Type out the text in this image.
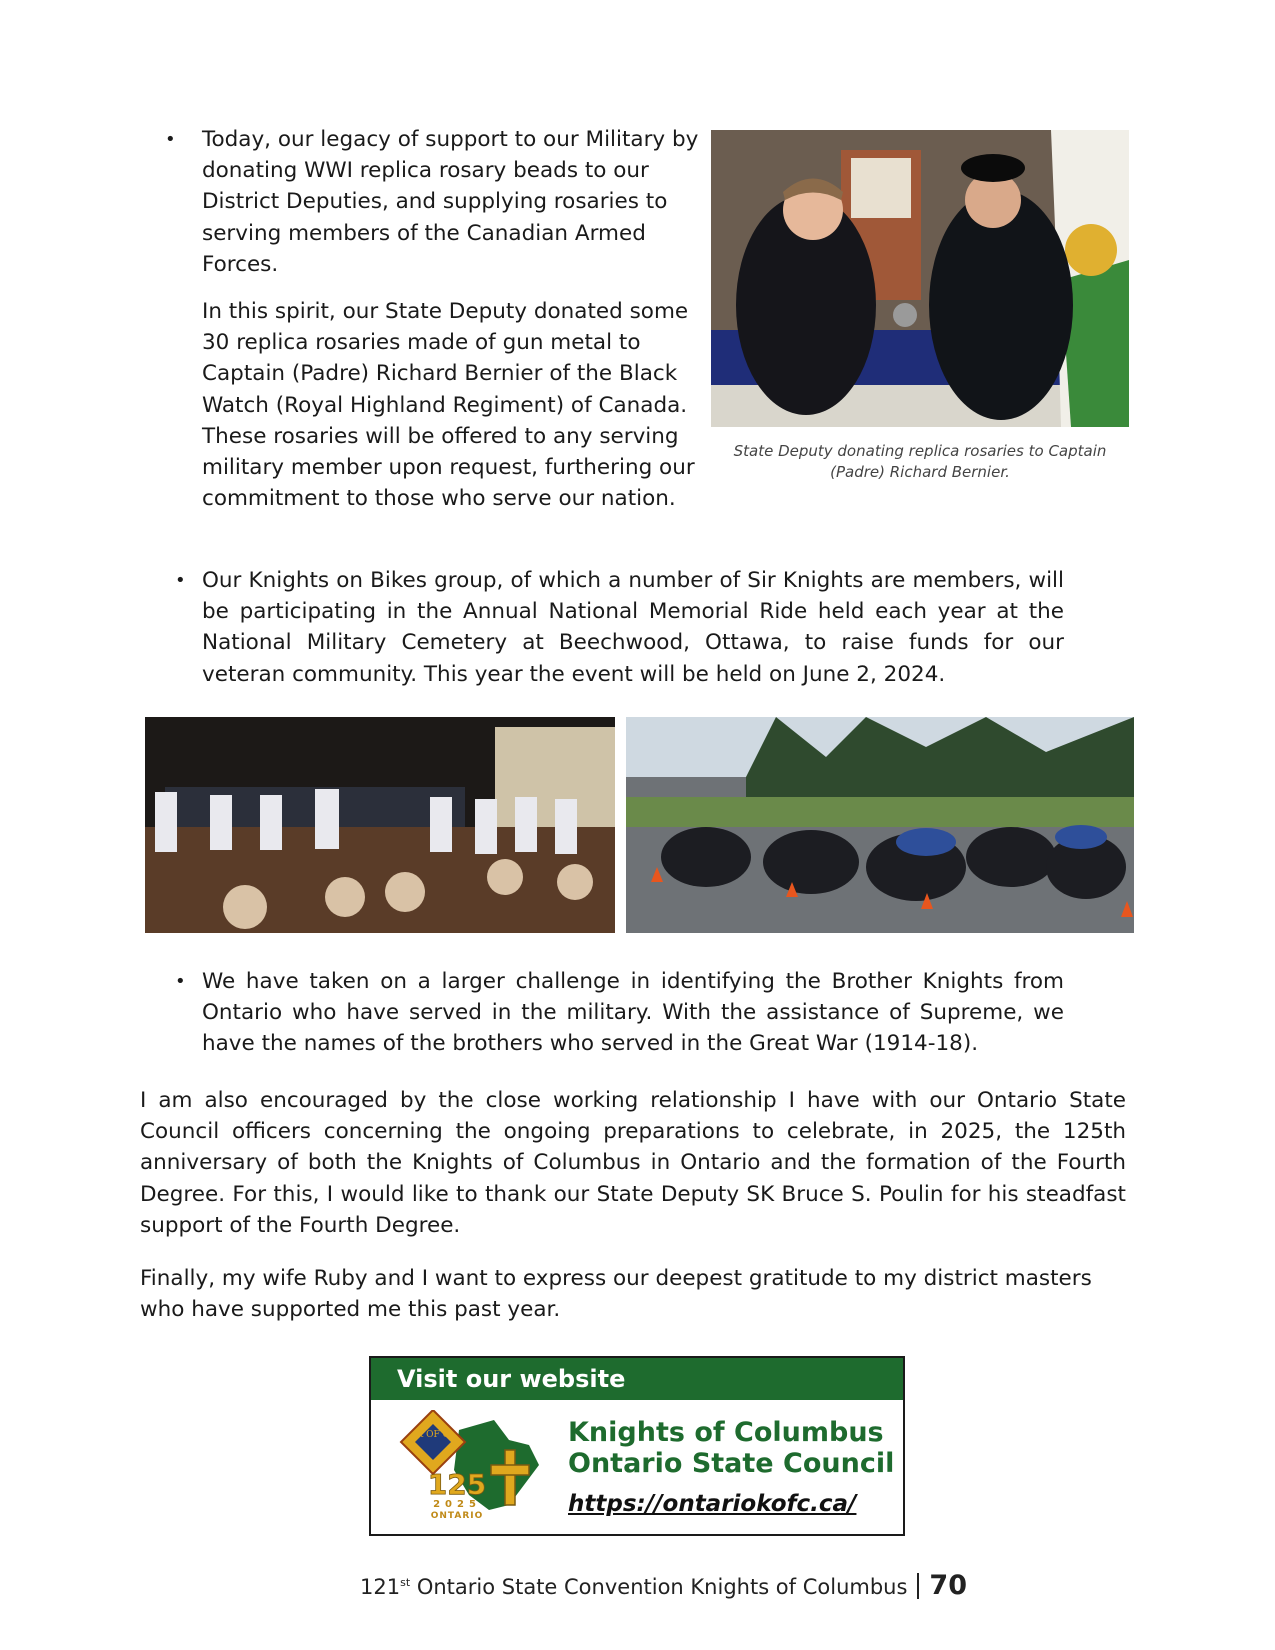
• Today, our legacy of support to our Military by donating WWI replica rosary beads to our District Deputies, and supplying rosaries to serving members of the Canadian Armed Forces.

In this spirit, our State Deputy donated some 30 replica rosaries made of gun metal to Captain (Padre) Richard Bernier of the Black Watch (Royal Highland Regiment) of Canada. These rosaries will be offered to any serving military member upon request, furthering our commitment to those who serve our nation.

State Deputy donating replica rosaries to Captain (Padre) Richard Bernier.
• Our Knights on Bikes group, of which a number of Sir Knights are members, will be participating in the Annual National Memorial Ride held each year at the National Military Cemetery at Beechwood, Ottawa, to raise funds for our veteran community. This year the event will be held on June 2, 2024.

• We have taken on a larger challenge in identifying the Brother Knights from Ontario who have served in the military. With the assistance of Supreme, we have the names of the brothers who served in the Great War (1914-18).

I am also encouraged by the close working relationship I have with our Ontario State Council officers concerning the ongoing preparations to celebrate, in 2025, the 125th anniversary of both the Knights of Columbus in Ontario and the formation of the Fourth Degree. For this, I would like to thank our State Deputy SK Bruce S. Poulin for his steadfast support of the Fourth Degree.

Finally, my wife Ruby and I want to express our deepest gratitude to my district masters who have supported me this past year.

Visit our website
K OF C
125
2025
ONTARIO
Knights of Columbus
Ontario State Council
https://ontariokofc.ca/
121st Ontario State Convention Knights of Columbus 70
